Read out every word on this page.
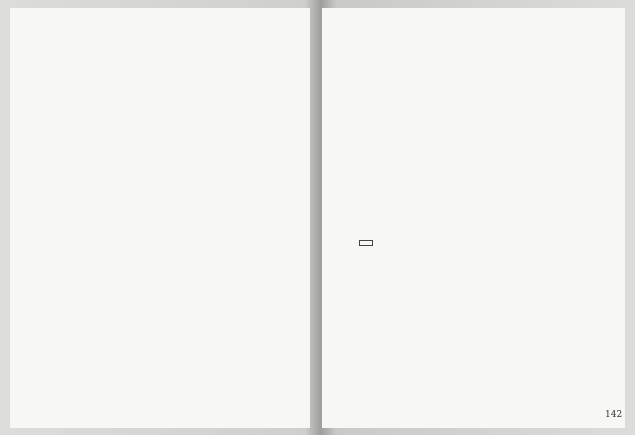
142
